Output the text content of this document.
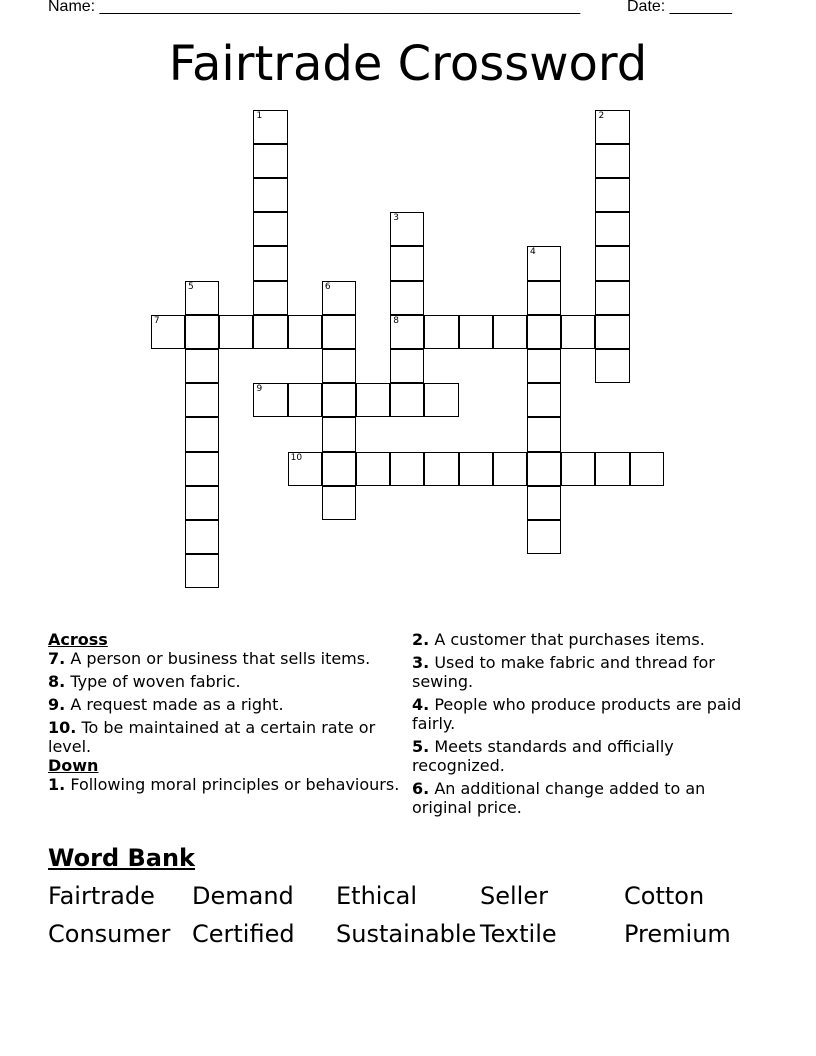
Name: ______________________________________________________	Date: _______
Fairtrade Crossword
1	2
3
8
4
5	6
7
9
10

Across

7. A person or business that sells items.

8. Type of woven fabric.

9. A request made as a right.

10. To be maintained at a certain rate or level.

Down

1. Following moral principles or behaviours.

2. A customer that purchases items.

3. Used to make fabric and thread for sewing.

4. People who produce products are paid fairly.

5. Meets standards and officially recognized.

6. An additional change added to an original price.

Word Bank
Fairtrade Demand Ethical	Seller	Cotton
Consumer Certified Sustainable Textile	Premium
